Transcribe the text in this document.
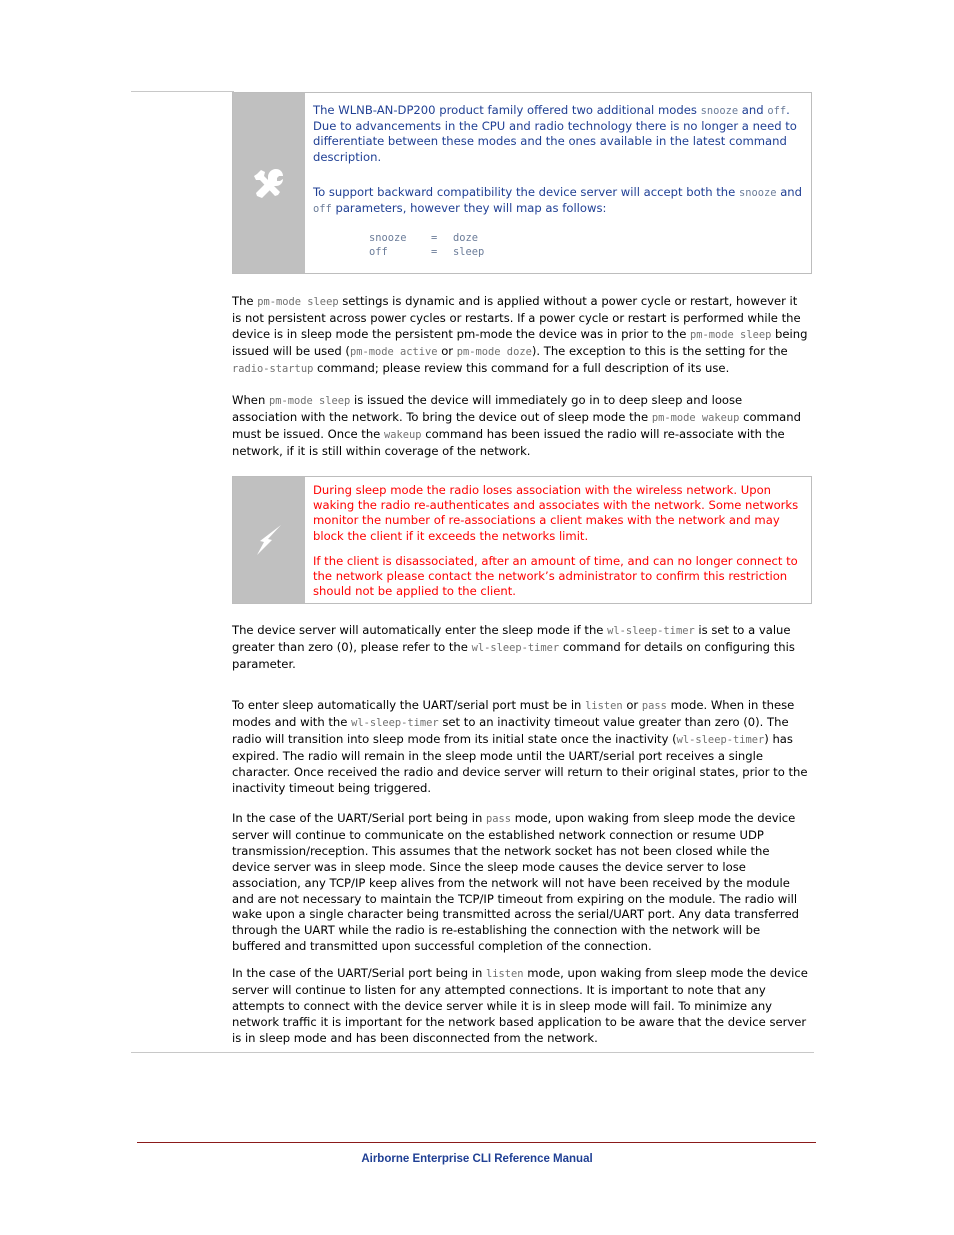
The WLNB-AN-DP200 product family offered two additional modes snooze and off. Due to advancements in the CPU and radio technology there is no longer a need to differentiate between these modes and the ones available in the latest command description.

To support backward compatibility the device server will accept both the snooze and off parameters, however they will map as follows:

snooze = doze
off	= sleep

The pm-mode sleep settings is dynamic and is applied without a power cycle or restart, however it is not persistent across power cycles or restarts. If a power cycle or restart is performed while the device is in sleep mode the persistent pm-mode the device was in prior to the pm-mode sleep being issued will be used (pm-mode active or pm-mode doze). The exception to this is the setting for the radio-startup command; please review this command for a full description of its use.

When pm-mode sleep is issued the device will immediately go in to deep sleep and loose association with the network. To bring the device out of sleep mode the pm-mode wakeup command must be issued. Once the wakeup command has been issued the radio will re-associate with the network, if it is still within coverage of the network.

During sleep mode the radio loses association with the wireless network. Upon waking the radio re-authenticates and associates with the network. Some networks monitor the number of re-associations a client makes with the network and may block the client if it exceeds the networks limit.

If the client is disassociated, after an amount of time, and can no longer connect to the network please contact the network’s administrator to confirm this restriction should not be applied to the client.

The device server will automatically enter the sleep mode if the wl-sleep-timer is set to a value greater than zero (0), please refer to the wl-sleep-timer command for details on configuring this parameter.

To enter sleep automatically the UART/serial port must be in listen or pass mode. When in these modes and with the wl-sleep-timer set to an inactivity timeout value greater than zero (0). The radio will transition into sleep mode from its initial state once the inactivity (wl-sleep-timer) has expired. The radio will remain in the sleep mode until the UART/serial port receives a single character. Once received the radio and device server will return to their original states, prior to the inactivity timeout being triggered.

In the case of the UART/Serial port being in pass mode, upon waking from sleep mode the device server will continue to communicate on the established network connection or resume UDP transmission/reception. This assumes that the network socket has not been closed while the device server was in sleep mode. Since the sleep mode causes the device server to lose association, any TCP/IP keep alives from the network will not have been received by the module and are not necessary to maintain the TCP/IP timeout from expiring on the module. The radio will wake upon a single character being transmitted across the serial/UART port. Any data transferred through the UART while the radio is re-establishing the connection with the network will be buffered and transmitted upon successful completion of the connection.

In the case of the UART/Serial port being in listen mode, upon waking from sleep mode the device server will continue to listen for any attempted connections. It is important to note that any attempts to connect with the device server while it is in sleep mode will fail. To minimize any network traffic it is important for the network based application to be aware that the device server is in sleep mode and has been disconnected from the network.

Airborne Enterprise CLI Reference Manual
